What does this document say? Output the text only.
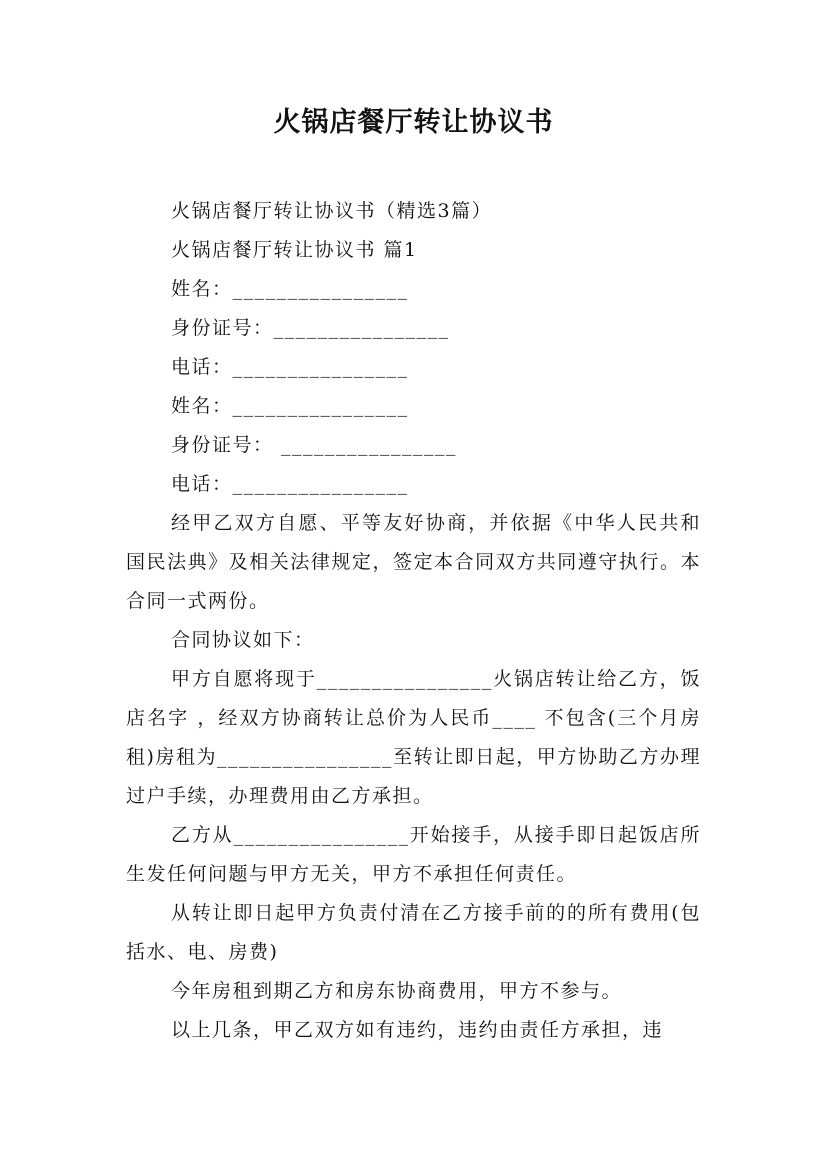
火锅店餐厅转让协议书

火锅店餐厅转让协议书（精选3篇）

火锅店餐厅转让协议书 篇1

姓名：________________

身份证号：________________

电话：________________

姓名：________________

身份证号： ________________

电话：________________

经甲乙双方自愿、平等友好协商，并依据《中华人民共和国民法典》及相关法律规定，签定本合同双方共同遵守执行。本合同一式两份。

合同协议如下：

甲方自愿将现于________________火锅店转让给乙方，饭店名字 ，经双方协商转让总价为人民币____ 不包含(三个月房租)房租为________________至转让即日起，甲方协助乙方办理过户手续，办理费用由乙方承担。

乙方从________________开始接手，从接手即日起饭店所生发任何问题与甲方无关，甲方不承担任何责任。

从转让即日起甲方负责付清在乙方接手前的的所有费用(包括水、电、房费)

今年房租到期乙方和房东协商费用，甲方不参与。

以上几条，甲乙双方如有违约，违约由责任方承担，违
